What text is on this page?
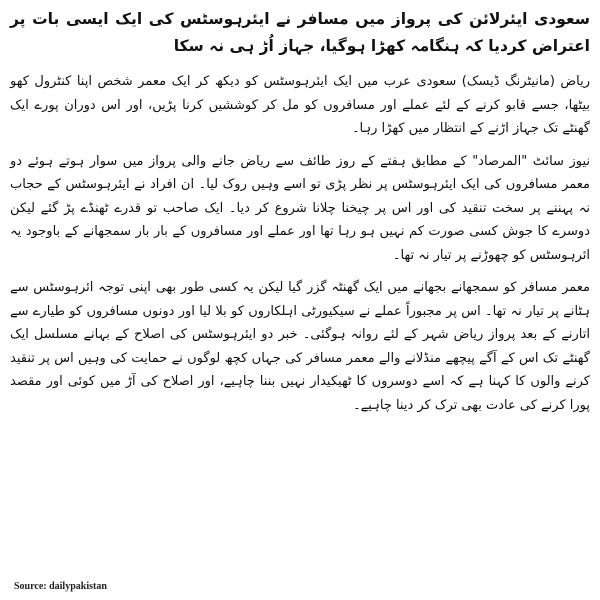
سعودی ایئرلائن کی پرواز میں مسافر نے ایئرہوسٹس کی ایک ایسی بات پر اعتراض کردیا کہ ہنگامہ کھڑا ہوگیا، جہاز اُڑ ہی نہ سکا

ریاض (مانیٹرنگ ڈیسک) سعودی عرب میں ایک ایئرہوسٹس کو دیکھ کر ایک معمر شخص اپنا کنٹرول کھو بیٹھا، جسے قابو کرنے کے لئے عملے اور مسافروں کو مل کر کوششیں کرنا پڑیں، اور اس دوران پورے ایک گھنٹے تک جہاز اڑنے کے انتظار میں کھڑا رہا۔

نیوز سائٹ "المرصاد" کے مطابق ہفتے کے روز طائف سے ریاض جانے والی پرواز میں سوار ہوتے ہوئے دو معمر مسافروں کی ایک ایئرہوسٹس پر نظر پڑی تو اسے وہیں روک لیا۔ ان افراد نے ایئرہوسٹس کے حجاب نہ پہننے پر سخت تنقید کی اور اس پر چیخنا چلانا شروع کر دیا۔ ایک صاحب تو قدرے ٹھنڈے پڑ گئے لیکن دوسرے کا جوش کسی صورت کم نہیں ہو رہا تھا اور عملے اور مسافروں کے بار بار سمجھانے کے باوجود یہ ائرہوسٹس کو چھوڑنے پر تیار نہ تھا۔

معمر مسافر کو سمجھانے بجھانے میں ایک گھنٹہ گزر گیا لیکن یہ کسی طور بھی اپنی توجہ ائرہوسٹس سے ہٹانے پر تیار نہ تھا۔ اس پر مجبوراً عملے نے سیکیورٹی اہلکاروں کو بلا لیا اور دونوں مسافروں کو طیارے سے اتارنے کے بعد پرواز ریاض شہر کے لئے روانہ ہوگئی۔ خبر دو ایئرہوسٹس کی اصلاح کے بہانے مسلسل ایک گھنٹے تک اس کے آگے پیچھے منڈلانے والے معمر مسافر کی جہاں کچھ لوگوں نے حمایت کی وہیں اس پر تنقید کرنے والوں کا کہنا ہے کہ اسے دوسروں کا ٹھیکیدار نہیں بننا چاہیے، اور اصلاح کی آڑ میں کوئی اور مقصد پورا کرنے کی عادت بھی ترک کر دینا چاہیے۔

Source: dailypakistan
